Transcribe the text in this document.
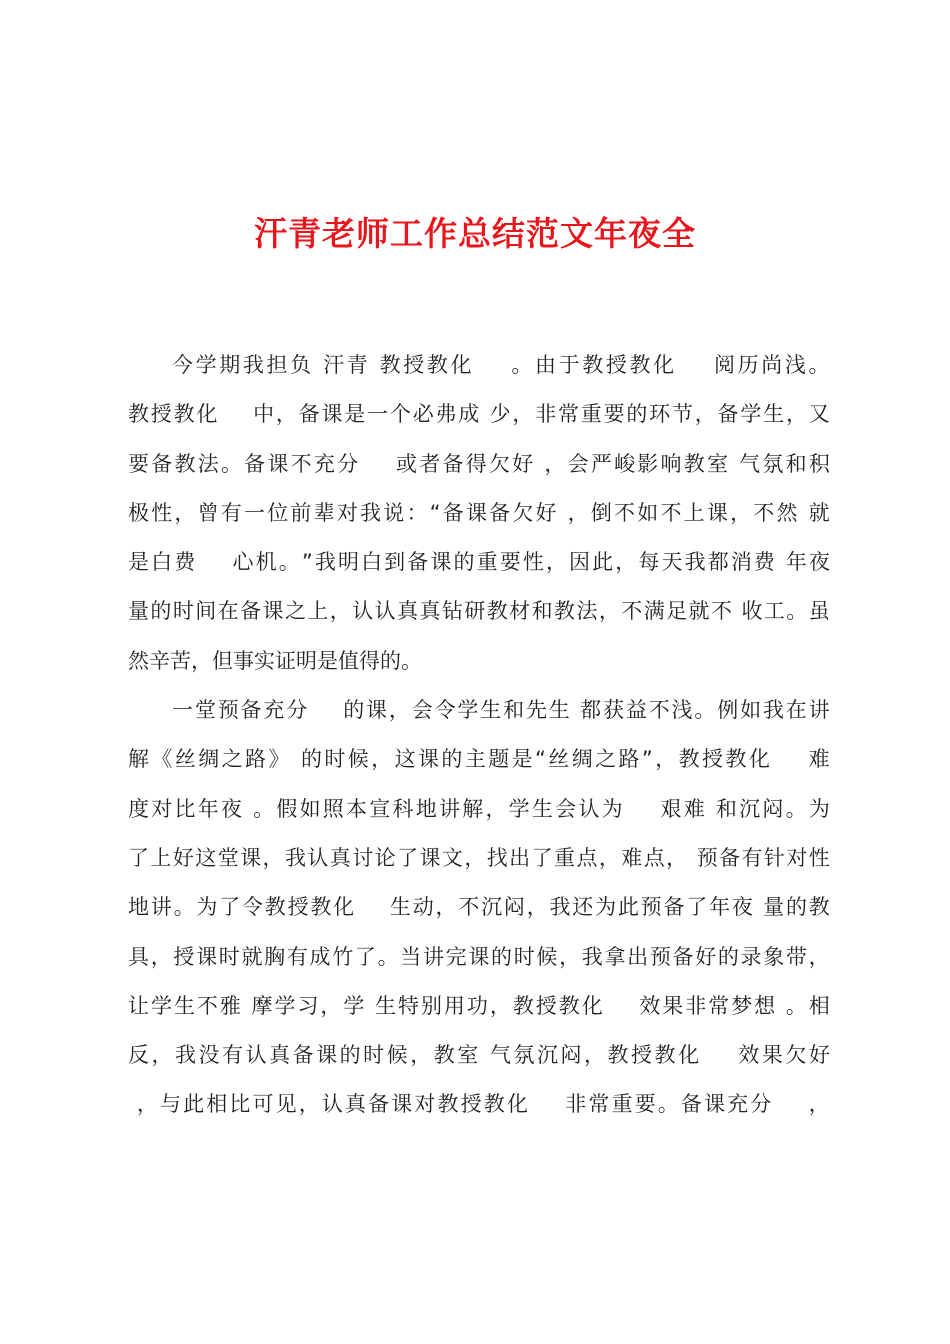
汗青老师工作总结范文年夜全
今 学 期 我 担 负
汗 青
教 授 教 化

。 由 于 教 授 教 化

阅 历 尚 浅 。
教 授 教 化

中 ， 备 课 是 一 个 必 弗 成
少 ， 非 常 重 要 的 环 节 ， 备 学 生 ， 又
要 备 教 法 。 备 课 不 充 分

或 者 备 得 欠 好
， 会 严 峻 影 响 教 室
气 氛 和 积
极 性 ， 曾 有 一 位 前 辈 对 我 说 ： “ 备 课 备 欠 好
， 倒 不 如 不 上 课 ， 不 然
就
是 白 费

心 机 。 ” 我 明 白 到 备 课 的 重 要 性 ， 因 此 ， 每 天 我 都 消 费
年 夜
量 的 时 间 在 备 课 之 上 ， 认 认 真 真 钻 研 教 材 和 教 法 ， 不 满 足 就 不
收 工 。 虽
然辛苦，但事实证明是值得的。
一 堂 预 备 充 分

的 课 ， 会 令 学 生 和 先 生
都 获 益 不 浅 。 例 如 我 在 讲
解 《 丝 绸 之 路 》
的 时 候 ， 这 课 的 主 题 是 “ 丝 绸 之 路 ” ， 教 授 教 化

难
度 对 比 年 夜
。 假 如 照 本 宣 科 地 讲 解 ， 学 生 会 认 为

艰 难
和 沉 闷 。 为
了 上 好 这 堂 课 ， 我 认 真 讨 论 了 课 文 ， 找 出 了 重 点 ， 难 点 ，
预 备 有 针 对 性
地 讲 。 为 了 令 教 授 教 化

生 动 ， 不 沉 闷 ， 我 还 为 此 预 备 了 年 夜
量 的 教
具 ， 授 课 时 就 胸 有 成 竹 了 。 当 讲 完 课 的 时 候 ， 我 拿 出 预 备 好 的 录 象 带 ，
让 学 生 不 雅
摩 学 习 ， 学
生 特 别 用 功 ， 教 授 教 化

效 果 非 常 梦 想
。 相
反 ， 我 没 有 认 真 备 课 的 时 候 ， 教 室
气 氛 沉 闷 ， 教 授 教 化

效 果 欠 好

， 与 此 相 比 可 见 ， 认 真 备 课 对 教 授 教 化

非 常 重 要 。 备 课 充 分

，
